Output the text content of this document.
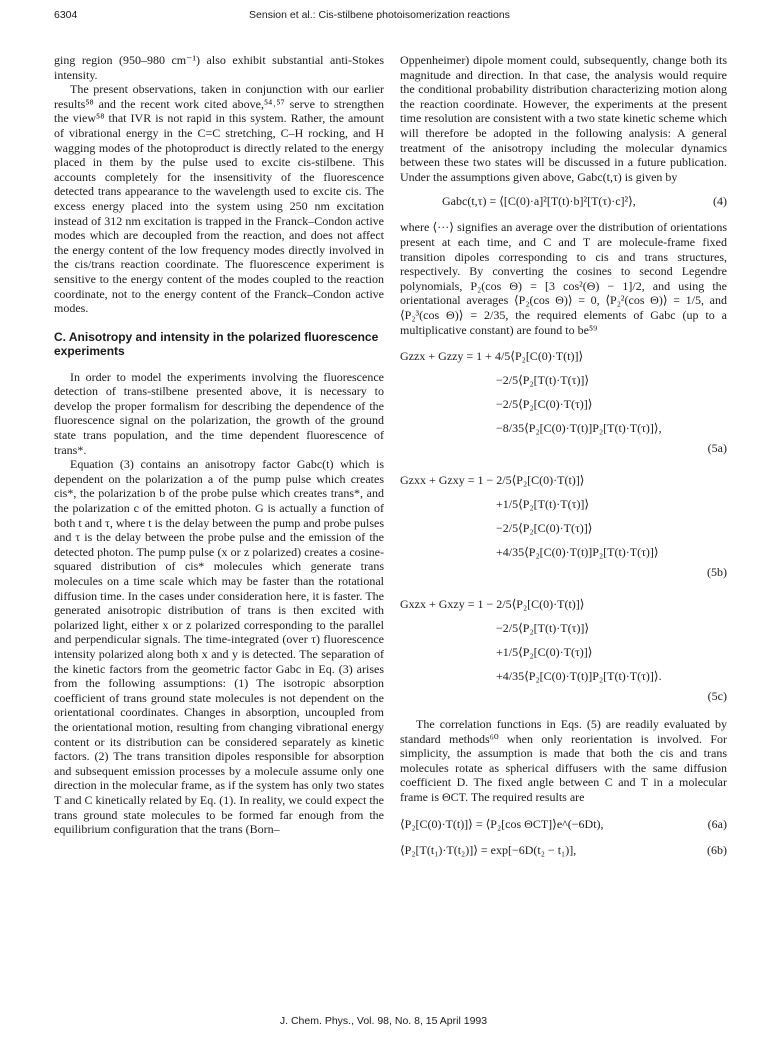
6304	Sension et al.: Cis-stilbene photoisomerization reactions

ging region (950–980 cm⁻¹) also exhibit substantial anti-Stokes intensity.

The present observations, taken in conjunction with our earlier results⁵⁸ and the recent work cited above,⁵⁴˒⁵⁷ serve to strengthen the view⁵⁸ that IVR is not rapid in this system. Rather, the amount of vibrational energy in the C=C stretching, C–H rocking, and H wagging modes of the photoproduct is directly related to the energy placed in them by the pulse used to excite cis-stilbene. This accounts completely for the insensitivity of the fluorescence detected trans appearance to the wavelength used to excite cis. The excess energy placed into the system using 250 nm excitation instead of 312 nm excitation is trapped in the Franck–Condon active modes which are decoupled from the reaction, and does not affect the energy content of the low frequency modes directly involved in the cis/trans reaction coordinate. The fluorescence experiment is sensitive to the energy content of the modes coupled to the reaction coordinate, not to the energy content of the Franck–Condon active modes.

C. Anisotropy and intensity in the polarized fluorescence experiments

In order to model the experiments involving the fluorescence detection of trans-stilbene presented above, it is necessary to develop the proper formalism for describing the dependence of the fluorescence signal on the polarization, the growth of the ground state trans population, and the time dependent fluorescence of trans*.

Equation (3) contains an anisotropy factor Gabc(t) which is dependent on the polarization a of the pump pulse which creates cis*, the polarization b of the probe pulse which creates trans*, and the polarization c of the emitted photon. G is actually a function of both t and τ, where t is the delay between the pump and probe pulses and τ is the delay between the probe pulse and the emission of the detected photon. The pump pulse (x or z polarized) creates a cosine-squared distribution of cis* molecules which generate trans molecules on a time scale which may be faster than the rotational diffusion time. In the cases under consideration here, it is faster. The generated anisotropic distribution of trans is then excited with polarized light, either x or z polarized corresponding to the parallel and perpendicular signals. The time-integrated (over τ) fluorescence intensity polarized along both x and y is detected. The separation of the kinetic factors from the geometric factor Gabc in Eq. (3) arises from the following assumptions: (1) The isotropic absorption coefficient of trans ground state molecules is not dependent on the orientational coordinates. Changes in absorption, uncoupled from the orientational motion, resulting from changing vibrational energy content or its distribution can be considered separately as kinetic factors. (2) The trans transition dipoles responsible for absorption and subsequent emission processes by a molecule assume only one direction in the molecular frame, as if the system has only two states T and C kinetically related by Eq. (1). In reality, we could expect the trans ground state molecules to be formed far enough from the equilibrium configuration that the trans (Born–

Oppenheimer) dipole moment could, subsequently, change both its magnitude and direction. In that case, the analysis would require the conditional probability distribution characterizing motion along the reaction coordinate. However, the experiments at the present time resolution are consistent with a two state kinetic scheme which will therefore be adopted in the following analysis: A general treatment of the anisotropy including the molecular dynamics between these two states will be discussed in a future publication. Under the assumptions given above, Gabc(t,τ) is given by

Gabc(t,τ) = ⟨[C(0)·a]²[T(t)·b]²[T(τ)·c]²⟩,	(4)

where ⟨···⟩ signifies an average over the distribution of orientations present at each time, and C and T are molecule-frame fixed transition dipoles corresponding to cis and trans structures, respectively. By converting the cosines to second Legendre polynomials, P₂(cos Θ) = [3 cos²(Θ) − 1]/2, and using the orientational averages ⟨P₂(cos Θ)⟩ = 0, ⟨P₂²(cos Θ)⟩ = 1/5, and ⟨P₂³(cos Θ)⟩ = 2/35, the required elements of Gabc (up to a multiplicative constant) are found to be⁵⁹

Gzzx + Gzzy = 1 + 4/5⟨P₂[C(0)·T(t)]⟩
−2/5⟨P₂[T(t)·T(τ)]⟩
−2/5⟨P₂[C(0)·T(τ)]⟩
−8/35⟨P₂[C(0)·T(t)]P₂[T(t)·T(τ)]⟩,
(5a)
Gzxx + Gzxy = 1 − 2/5⟨P₂[C(0)·T(t)]⟩
+1/5⟨P₂[T(t)·T(τ)]⟩
−2/5⟨P₂[C(0)·T(τ)]⟩
+4/35⟨P₂[C(0)·T(t)]P₂[T(t)·T(τ)]⟩
(5b)
Gxzx + Gxzy = 1 − 2/5⟨P₂[C(0)·T(t)]⟩
−2/5⟨P₂[T(t)·T(τ)]⟩
+1/5⟨P₂[C(0)·T(τ)]⟩
+4/35⟨P₂[C(0)·T(t)]P₂[T(t)·T(τ)]⟩.
(5c)

The correlation functions in Eqs. (5) are readily evaluated by standard methods⁶⁰ when only reorientation is involved. For simplicity, the assumption is made that both the cis and trans molecules rotate as spherical diffusers with the same diffusion coefficient D. The fixed angle between C and T in a molecular frame is ΘCT. The required results are

⟨P₂[C(0)·T(t)]⟩ = ⟨P₂[cos ΘCT]⟩e^(−6Dt),	(6a)
⟨P₂[T(t₁)·T(t₂)]⟩ = exp[−6D(t₂ − t₁)],	(6b)
J. Chem. Phys., Vol. 98, No. 8, 15 April 1993
